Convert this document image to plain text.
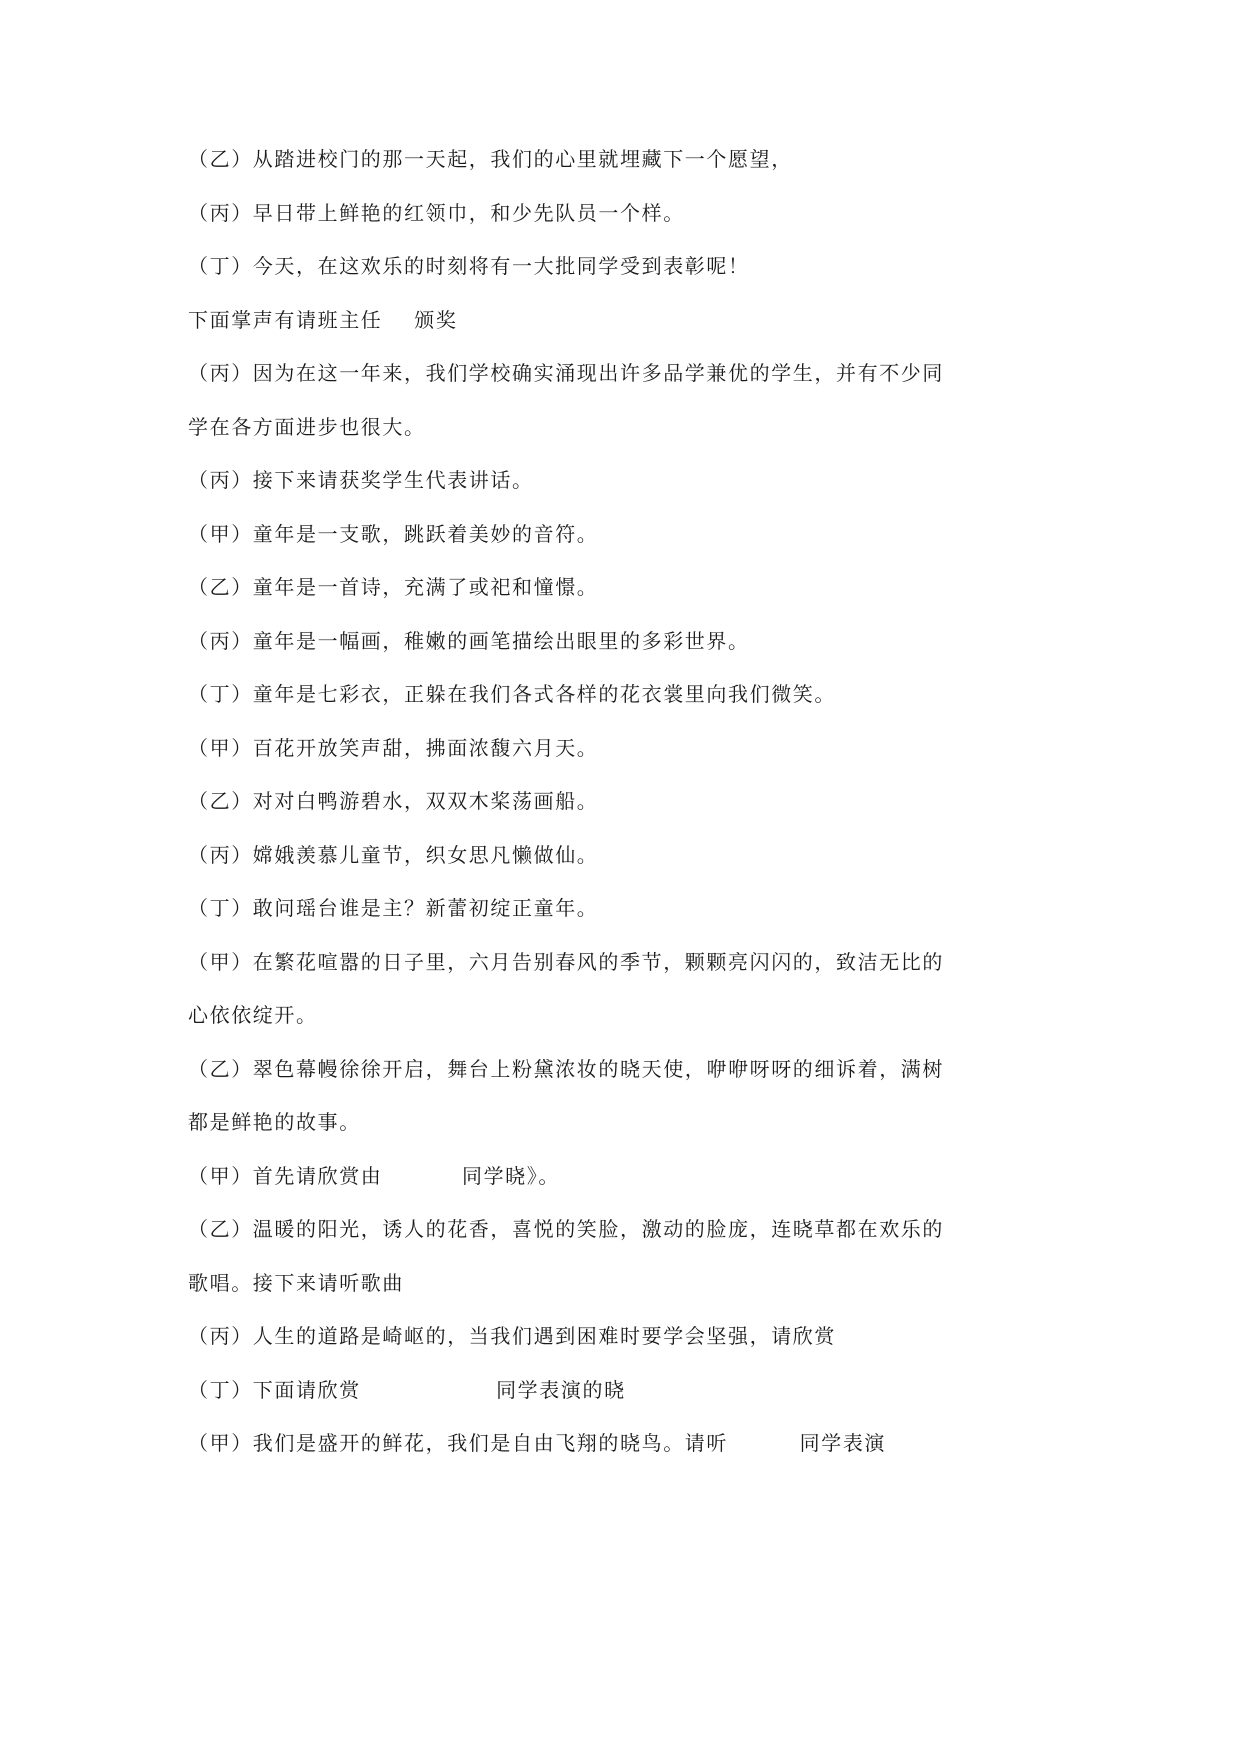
（乙）从踏进校门的那一天起，我们的心里就埋藏下一个愿望，

（丙）早日带上鲜艳的红领巾，和少先队员一个样。

（丁）今天，在这欢乐的时刻将有一大批同学受到表彰呢！

下面掌声有请班主任    颁奖

（丙）因为在这一年来，我们学校确实涌现出许多品学兼优的学生，并有不少同

学在各方面进步也很大。

（丙）接下来请获奖学生代表讲话。

（甲）童年是一支歌，跳跃着美妙的音符。

（乙）童年是一首诗，充满了或祀和憧憬。

（丙）童年是一幅画，稚嫩的画笔描绘出眼里的多彩世界。

（丁）童年是七彩衣，正躲在我们各式各样的花衣裳里向我们微笑。

（甲）百花开放笑声甜，拂面浓馥六月天。

（乙）对对白鸭游碧水，双双木桨荡画船。

（丙）嫦娥羡慕儿童节，织女思凡懒做仙。

（丁）敢问瑶台谁是主？新蕾初绽正童年。

（甲）在繁花喧嚣的日子里，六月告别春风的季节，颗颗亮闪闪的，致洁无比的

心依依绽开。

（乙）翠色幕幔徐徐开启，舞台上粉黛浓妆的晓天使，咿咿呀呀的细诉着，满树

都是鲜艳的故事。

（甲）首先请欣赏由          同学晓》。

（乙）温暖的阳光，诱人的花香，喜悦的笑脸，激动的脸庞，连晓草都在欢乐的

歌唱。接下来请听歌曲

（丙）人生的道路是崎岖的，当我们遇到困难时要学会坚强，请欣赏

（丁）下面请欣赏                 同学表演的晓

（甲）我们是盛开的鲜花，我们是自由飞翔的晓鸟。请听         同学表演
